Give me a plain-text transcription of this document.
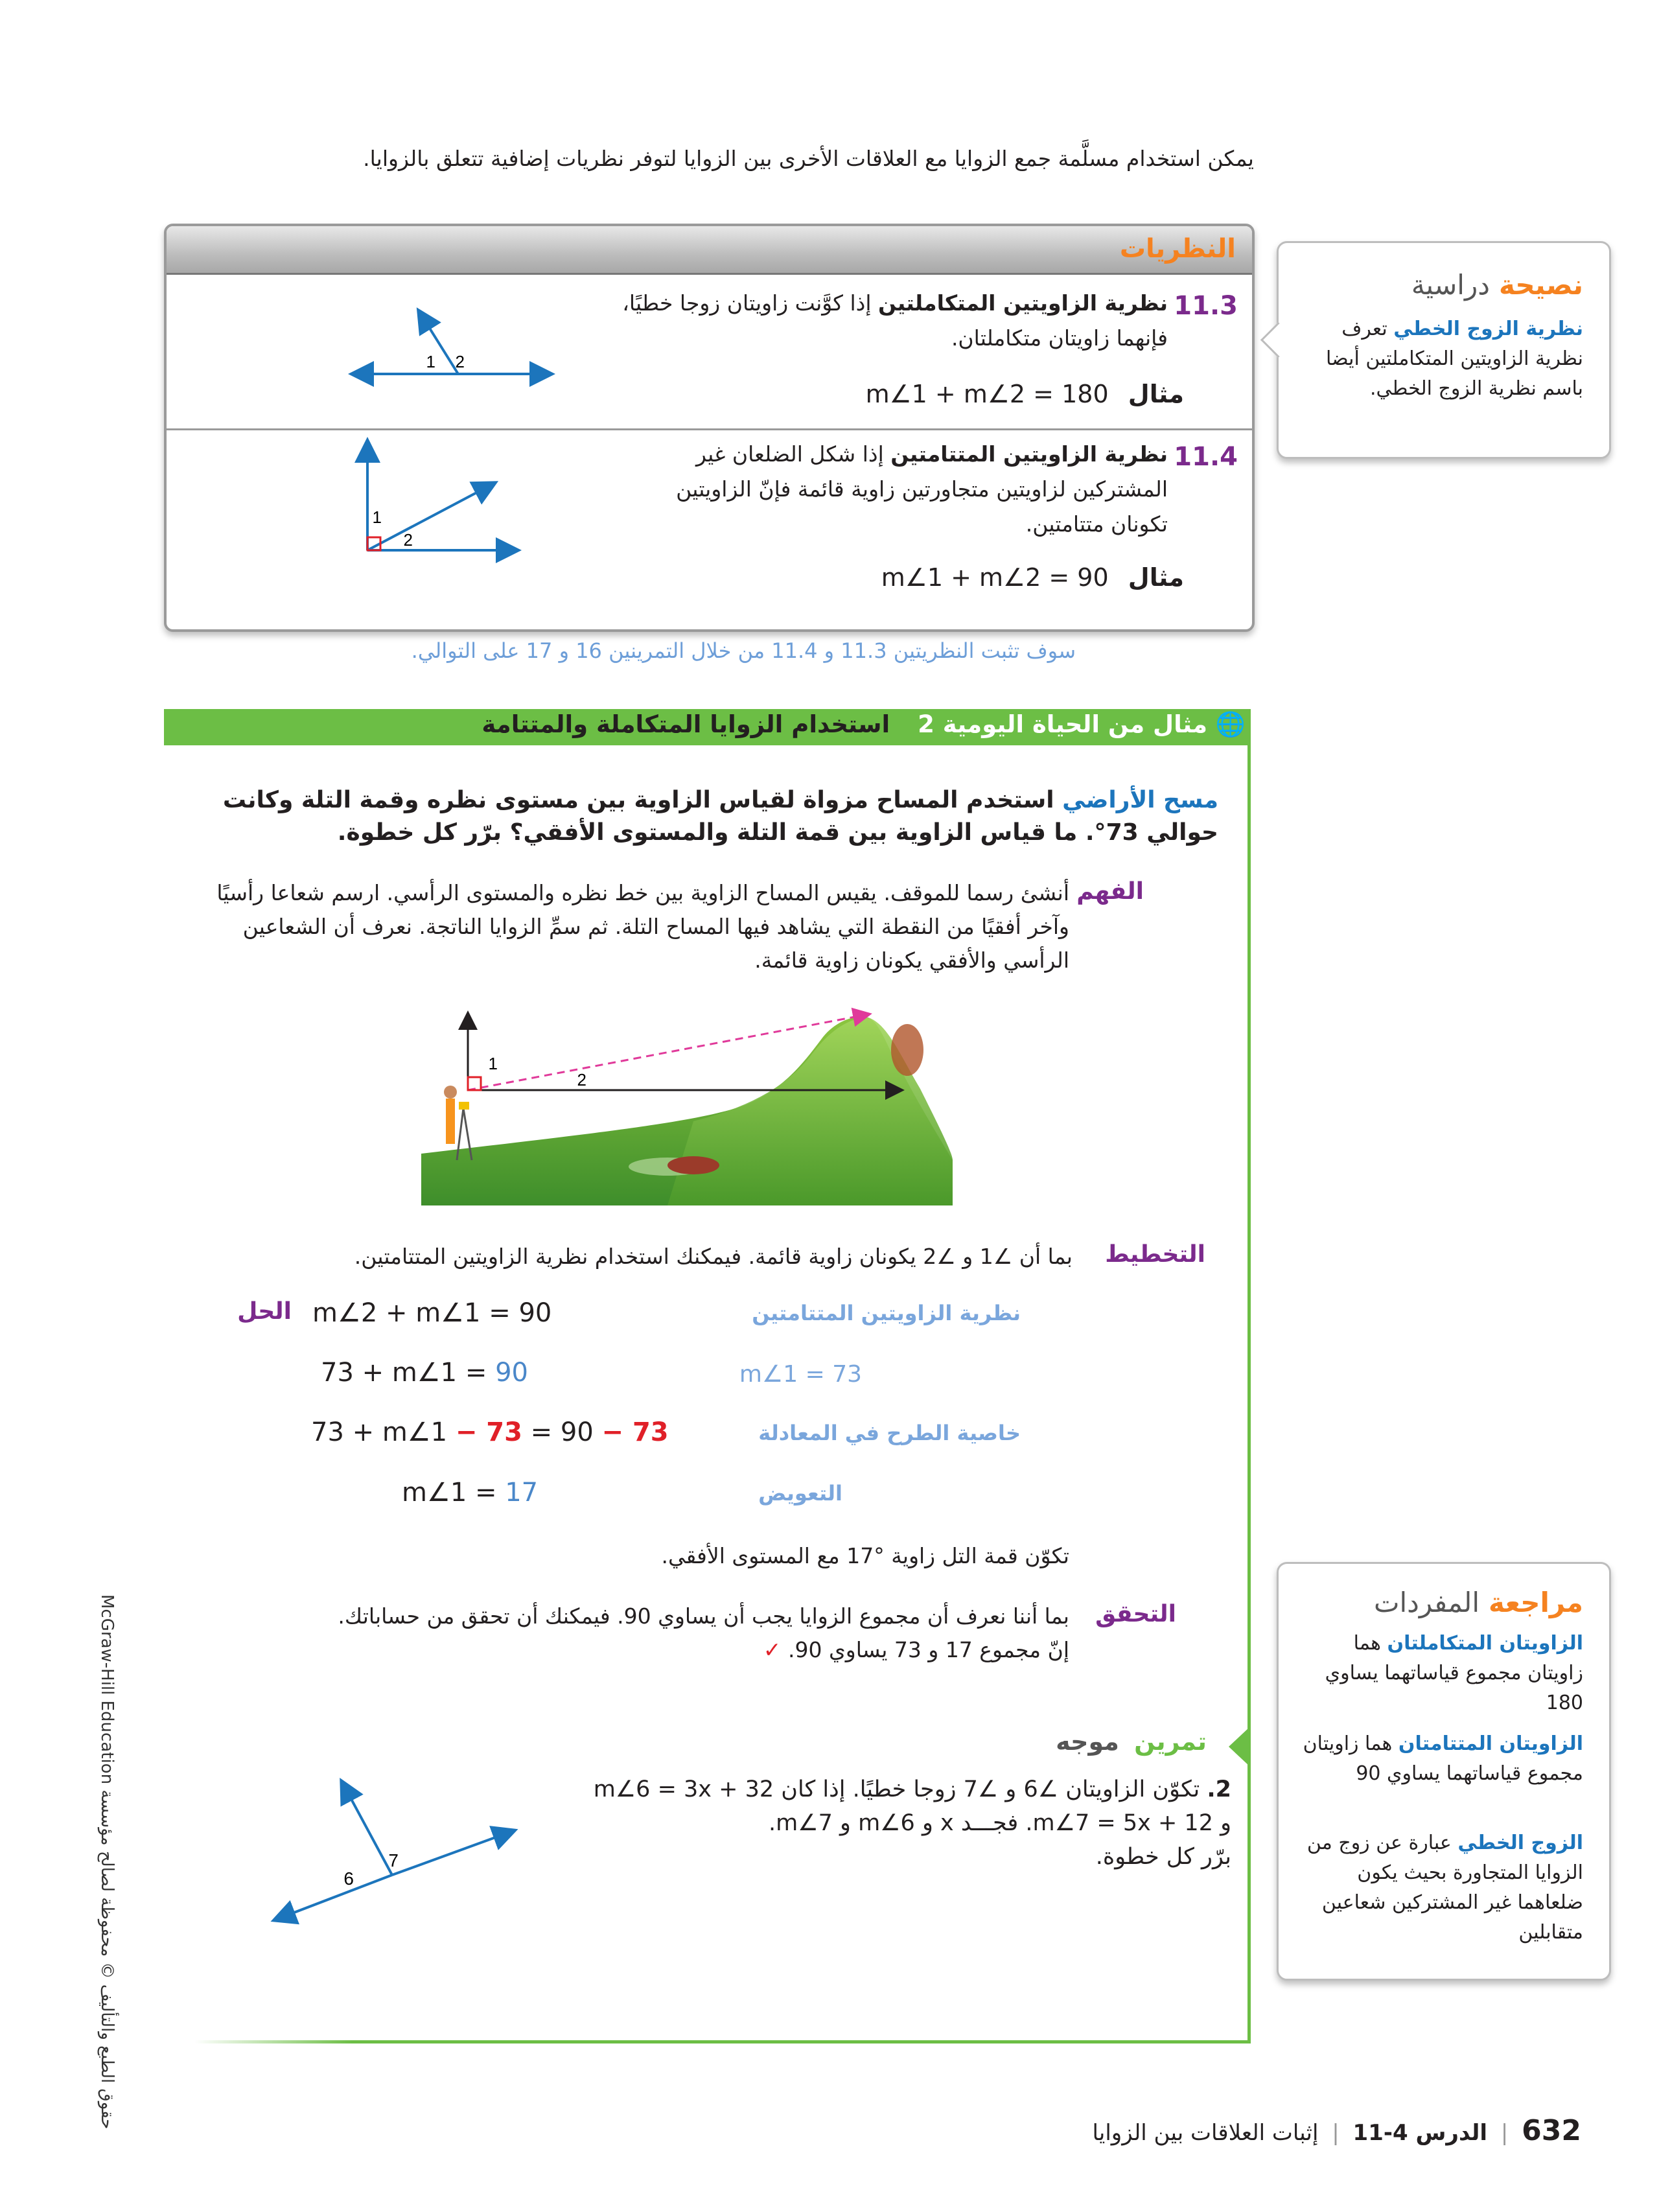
يمكن استخدام مسلَّمة جمع الزوايا مع العلاقات الأخرى بين الزوايا لتوفر نظريات إضافية تتعلق بالزوايا.
النظريات
11.3
نظرية الزاويتين المتكاملتين إذا كوَّنت زاويتان زوجا خطيًا، فإنهما زاويتان متكاملتان.
مثال m∠1 + m∠2 = 180
1 2
11.4
نظرية الزاويتين المتتامتين إذا شكل الضلعان غير المشتركين لزاويتين متجاورتين زاوية قائمة فإنّ الزاويتين تكونان متتامتين.
مثال m∠1 + m∠2 = 90
1
2
سوف تثبت النظريتين 11.3 و 11.4 من خلال التمرينين 16 و 17 على التوالي.
نصيحةدراسية
نظرية الزوج الخطي تعرف نظرية الزاويتين المتكاملتين أيضا باسم نظرية الزوج الخطي.
🌐 مثال من الحياة اليومية 2 استخدام الزوايا المتكاملة والمتتامة
مسح الأراضي استخدم المساح مزواة لقياس الزاوية بين مستوى نظره وقمة التلة وكانت حوالي 73°. ما قياس الزاوية بين قمة التلة والمستوى الأفقي؟ برّر كل خطوة.
الفهم
أنشئ رسما للموقف. يقيس المساح الزاوية بين خط نظره والمستوى الرأسي. ارسم شعاعا رأسيًا وآخر أفقيًا من النقطة التي يشاهد فيها المساح التلة. ثم سمِّ الزوايا الناتجة. نعرف أن الشعاعين الرأسي والأفقي يكونان زاوية قائمة.
1
2
التخطيط
بما أن ∠1 و ∠2 يكونان زاوية قائمة. فيمكنك استخدام نظرية الزاويتين المتتامتين.
الحل m∠2 + m∠1 = 90	نظرية الزاويتين المتتامتين
73 + m∠1 = 90	m∠1 = 73
73 + m∠1 − 73 = 90 − 73	خاصية الطرح في المعادلة
m∠1 = 17	التعويض
تكوّن قمة التل زاوية °17 مع المستوى الأفقي.
التحقق
بما أننا نعرف أن مجموع الزوايا يجب أن يساوي 90. فيمكنك أن تحقق من حساباتك.
إنّ مجموع 17 و 73 يساوي 90. ✓
تمرين موجه
2. تكوّن الزاويتان ∠6 و ∠7 زوجا خطيًا. إذا كان m∠6 = 3x + 32
و m∠7 = 5x + 12. فجـــد x و m∠6 و m∠7.
برّر كل خطوة.
6
7
مراجعةالمفردات
الزاويتان المتكاملتان هما زاويتان مجموع قياساتهما يساوي 180
الزاويتان المتتامتان هما زاويتان مجموع قياساتهما يساوي 90
الزوج الخطي عبارة عن زوج من الزوايا المتجاورة بحيث يكون ضلعاهما غير المشتركين شعاعين متقابلين
حقوق الطبع والتأليف © محفوظة لصالح مؤسسة McGraw-Hill Education
632 | الدرس 4-11 | إثبات العلاقات بين الزوايا
